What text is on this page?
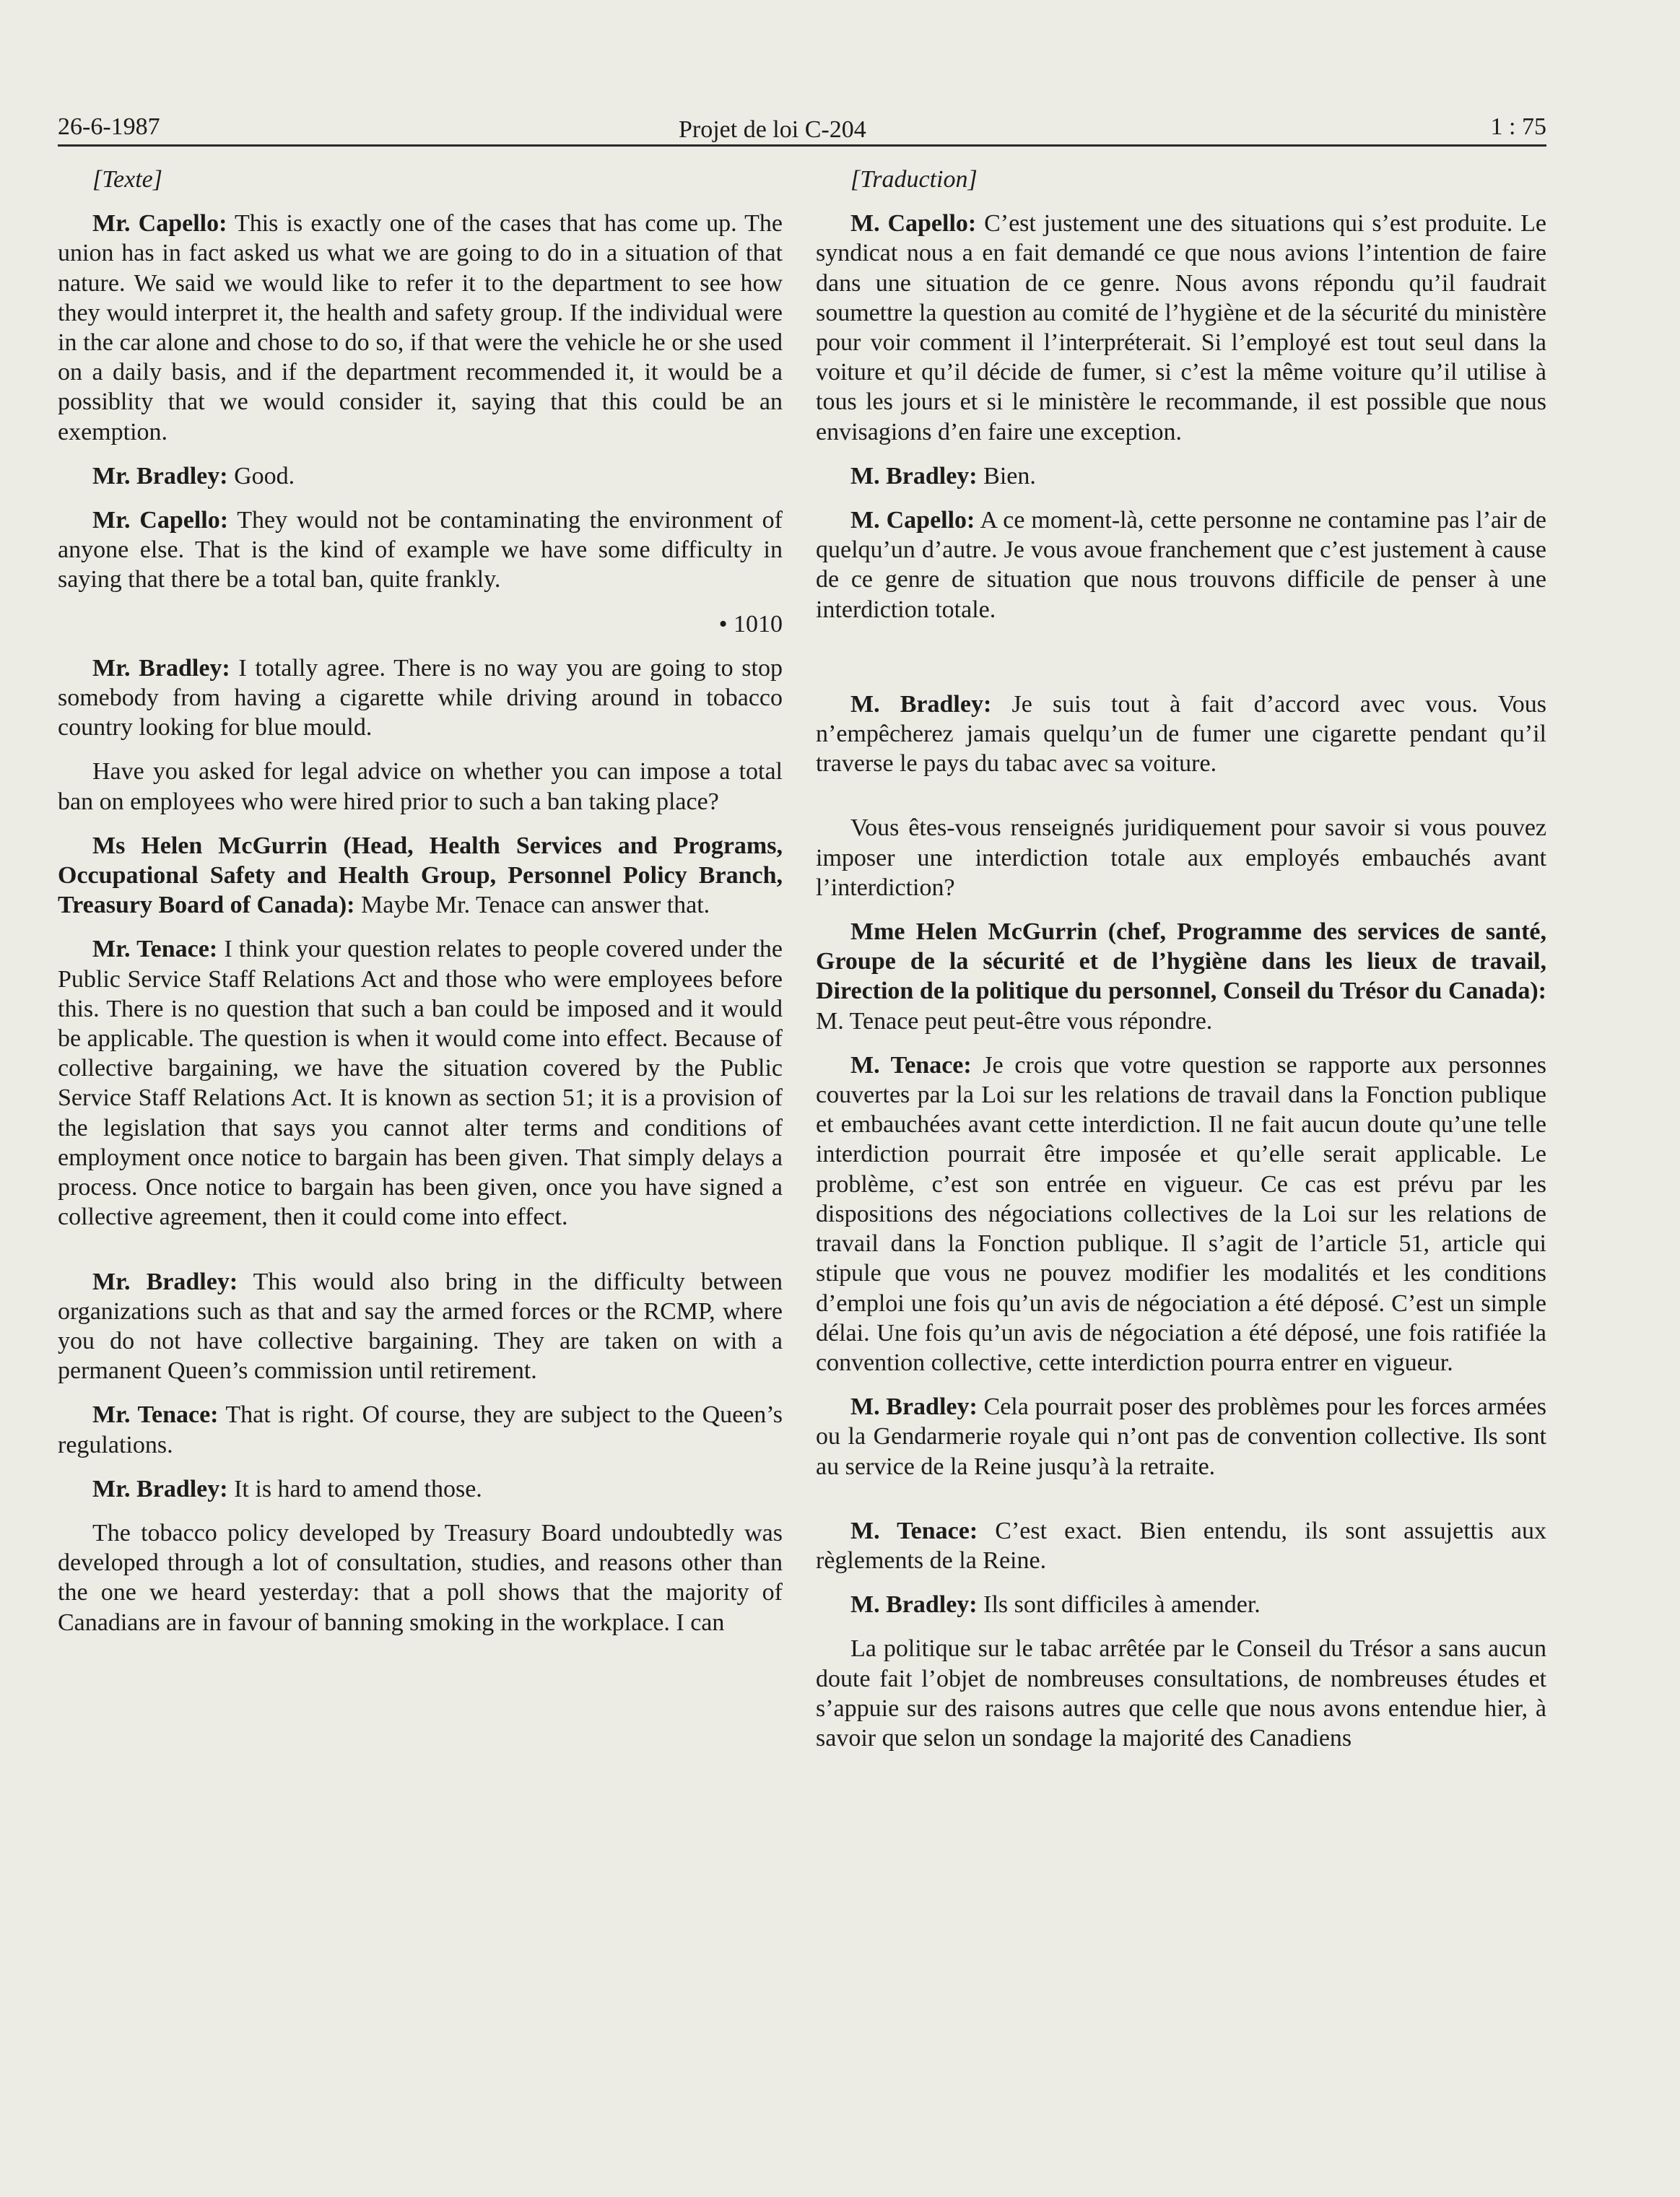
26-6-1987	Projet de loi C-204	1 : 75

[Texte]

Mr. Capello: This is exactly one of the cases that has come up. The union has in fact asked us what we are going to do in a situation of that nature. We said we would like to refer it to the department to see how they would interpret it, the health and safety group. If the individual were in the car alone and chose to do so, if that were the vehicle he or she used on a daily basis, and if the department recommended it, it would be a possiblity that we would consider it, saying that this could be an exemption.

Mr. Bradley: Good.

Mr. Capello: They would not be contaminating the environment of anyone else. That is the kind of example we have some difficulty in saying that there be a total ban, quite frankly.

• 1010

Mr. Bradley: I totally agree. There is no way you are going to stop somebody from having a cigarette while driving around in tobacco country looking for blue mould.

Have you asked for legal advice on whether you can impose a total ban on employees who were hired prior to such a ban taking place?

Ms Helen McGurrin (Head, Health Services and Programs, Occupational Safety and Health Group, Personnel Policy Branch, Treasury Board of Canada): Maybe Mr. Tenace can answer that.

Mr. Tenace: I think your question relates to people covered under the Public Service Staff Relations Act and those who were employees before this. There is no question that such a ban could be imposed and it would be applicable. The question is when it would come into effect. Because of collective bargaining, we have the situation covered by the Public Service Staff Relations Act. It is known as section 51; it is a provision of the legislation that says you cannot alter terms and conditions of employment once notice to bargain has been given. That simply delays a process. Once notice to bargain has been given, once you have signed a collective agreement, then it could come into effect.

Mr. Bradley: This would also bring in the difficulty between organizations such as that and say the armed forces or the RCMP, where you do not have collective bargaining. They are taken on with a permanent Queen’s commission until retirement.

Mr. Tenace: That is right. Of course, they are subject to the Queen’s regulations.

Mr. Bradley: It is hard to amend those.

The tobacco policy developed by Treasury Board undoubtedly was developed through a lot of consultation, studies, and reasons other than the one we heard yesterday: that a poll shows that the majority of Canadians are in favour of banning smoking in the workplace. I can

[Traduction]

M. Capello: C’est justement une des situations qui s’est produite. Le syndicat nous a en fait demandé ce que nous avions l’intention de faire dans une situation de ce genre. Nous avons répondu qu’il faudrait soumettre la question au comité de l’hygiène et de la sécurité du ministère pour voir comment il l’interpréterait. Si l’employé est tout seul dans la voiture et qu’il décide de fumer, si c’est la même voiture qu’il utilise à tous les jours et si le ministère le recommande, il est possible que nous envisagions d’en faire une exception.

M. Bradley: Bien.

M. Capello: A ce moment-là, cette personne ne contamine pas l’air de quelqu’un d’autre. Je vous avoue franchement que c’est justement à cause de ce genre de situation que nous trouvons difficile de penser à une interdiction totale.

M. Bradley: Je suis tout à fait d’accord avec vous. Vous n’empêcherez jamais quelqu’un de fumer une cigarette pendant qu’il traverse le pays du tabac avec sa voiture.

Vous êtes-vous renseignés juridiquement pour savoir si vous pouvez imposer une interdiction totale aux employés embauchés avant l’interdiction?

Mme Helen McGurrin (chef, Programme des services de santé, Groupe de la sécurité et de l’hygiène dans les lieux de travail, Direction de la politique du personnel, Conseil du Trésor du Canada): M. Tenace peut peut-être vous répondre.

M. Tenace: Je crois que votre question se rapporte aux personnes couvertes par la Loi sur les relations de travail dans la Fonction publique et embauchées avant cette interdiction. Il ne fait aucun doute qu’une telle interdiction pourrait être imposée et qu’elle serait applicable. Le problème, c’est son entrée en vigueur. Ce cas est prévu par les dispositions des négociations collectives de la Loi sur les relations de travail dans la Fonction publique. Il s’agit de l’article 51, article qui stipule que vous ne pouvez modifier les modalités et les conditions d’emploi une fois qu’un avis de négociation a été déposé. C’est un simple délai. Une fois qu’un avis de négociation a été déposé, une fois ratifiée la convention collective, cette interdiction pourra entrer en vigueur.

M. Bradley: Cela pourrait poser des problèmes pour les forces armées ou la Gendarmerie royale qui n’ont pas de convention collective. Ils sont au service de la Reine jusqu’à la retraite.

M. Tenace: C’est exact. Bien entendu, ils sont assujettis aux règlements de la Reine.

M. Bradley: Ils sont difficiles à amender.

La politique sur le tabac arrêtée par le Conseil du Trésor a sans aucun doute fait l’objet de nombreuses consultations, de nombreuses études et s’appuie sur des raisons autres que celle que nous avons entendue hier, à savoir que selon un sondage la majorité des Canadiens
